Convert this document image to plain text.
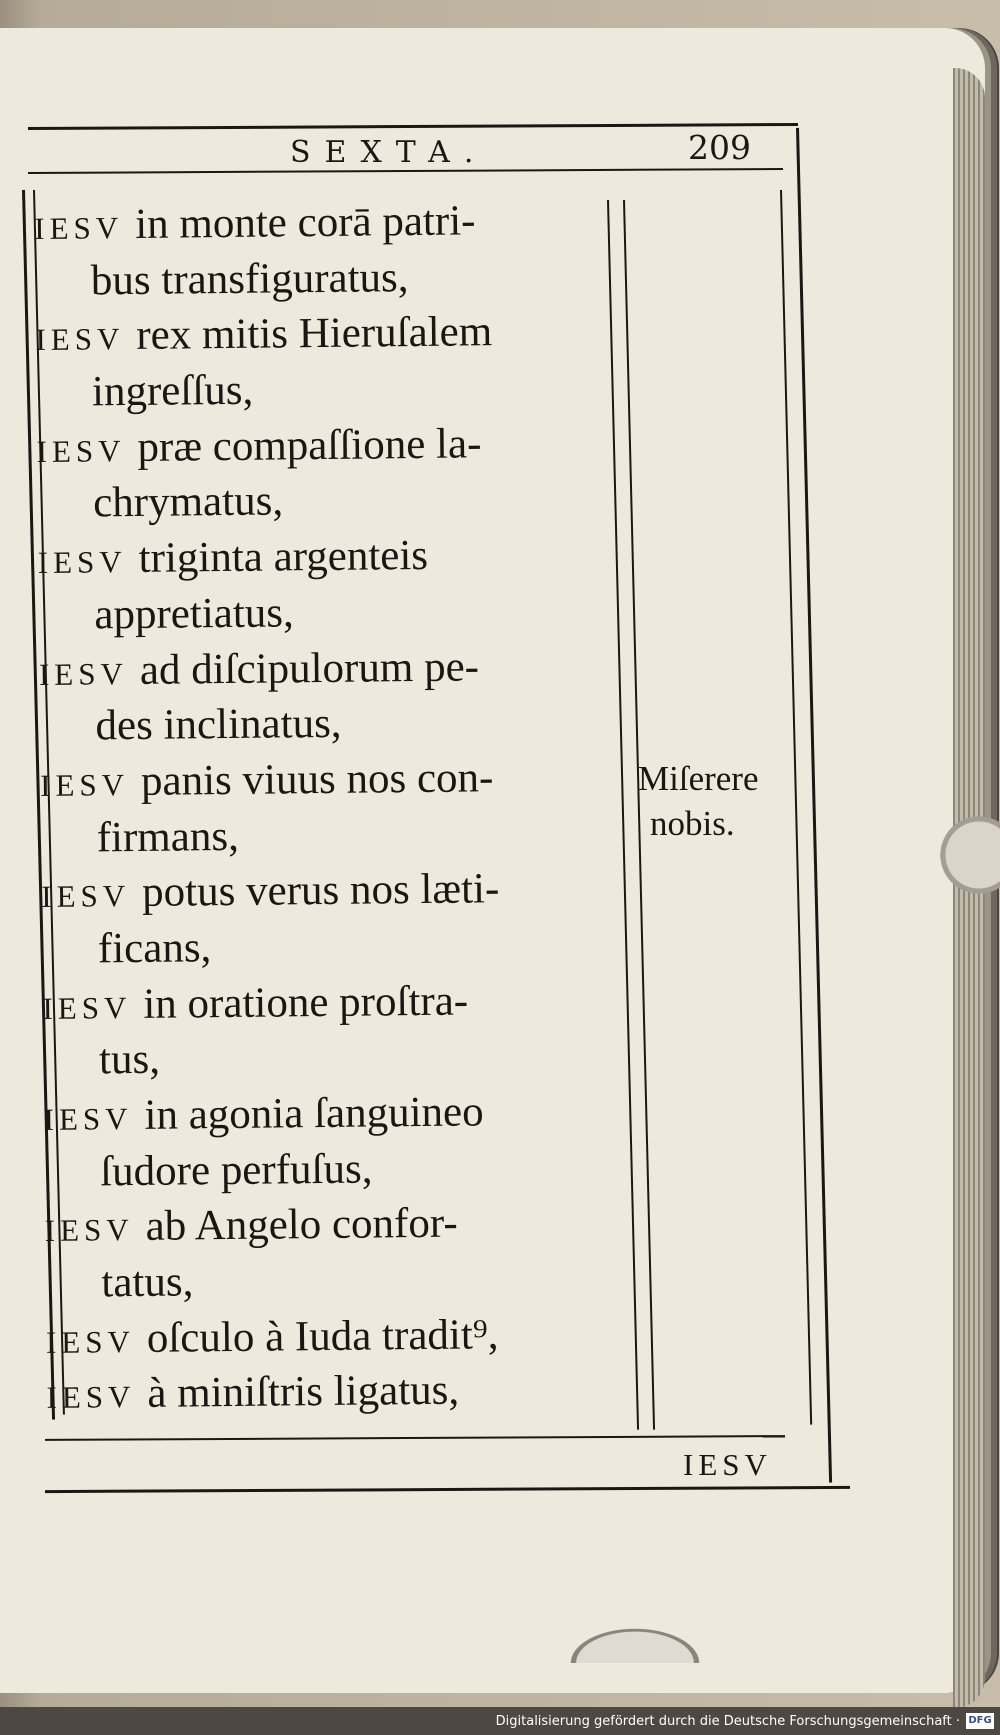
SEXTA.	209
IESV in monte corā patri-
bus transfiguratus,
IESV rex mitis Hieruſalem
ingreſſus,
IESV præ compaſſione la-
chrymatus,
IESV triginta argenteis
appretiatus,
IESV ad diſcipulorum pe-
des inclinatus,
IESV panis viuus nos con-
firmans,
IESV potus verus nos læti-
ficans,
IESV in oratione proſtra-
tus,
IESV in agonia ſanguineo
ſudore perfuſus,
IESV ab Angelo confor-
tatus,
IESV oſculo à Iuda tradit⁹,
IESV à miniſtris ligatus,
Miſerere
nobis.
IESV
Digitalisierung gefördert durch die Deutsche Forschungsgemeinschaft · DFG
